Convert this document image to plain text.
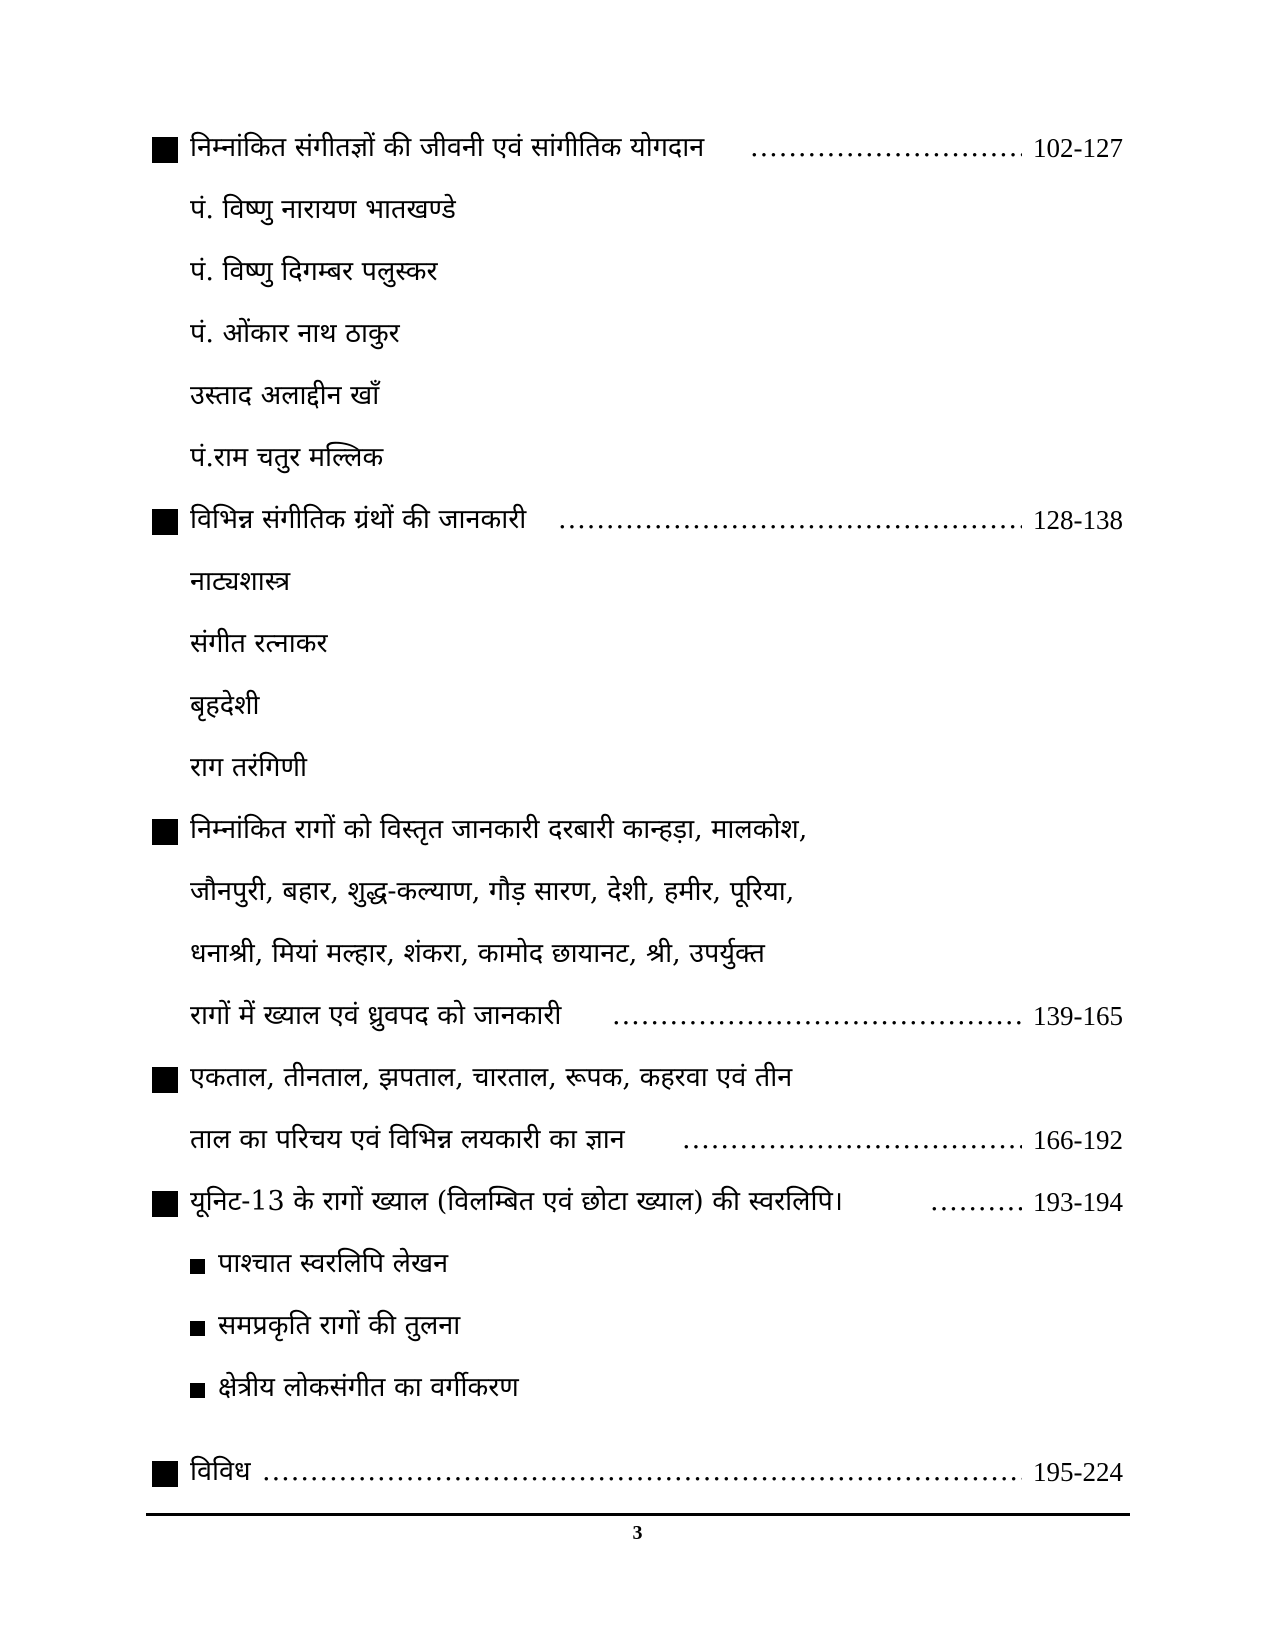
निम्नांकित संगीतज्ञों की जीवनी एवं सांगीतिक योगदान .....	102-127
पं. विष्णु नारायण भातखण्डे
पं. विष्णु दिगम्बर पलुस्कर
पं. ओंकार नाथ ठाकुर
उस्ताद अलाद्दीन खाँ
पं.राम चतुर मल्लिक
विभिन्न संगीतिक ग्रंथों की जानकारी .....	128-138
नाट्यशास्त्र
संगीत रत्नाकर
बृहदेशी
राग तरंगिणी
निम्नांकित रागों को विस्तृत जानकारी दरबारी कान्हड़ा, मालकोश,
जौनपुरी, बहार, शुद्ध-कल्याण, गौड़ सारण, देशी, हमीर, पूरिया,
धनाश्री, मियां मल्हार, शंकरा, कामोद छायानट, श्री, उपर्युक्त
रागों में ख्याल एवं ध्रुवपद को जानकारी .....	139-165
एकताल, तीनताल, झपताल, चारताल, रूपक, कहरवा एवं तीन
ताल का परिचय एवं विभिन्न लयकारी का ज्ञान .....	166-192
यूनिट-13 के रागों ख्याल (विलम्बित एवं छोटा ख्याल) की स्वरलिपि। .....	193-194
पाश्चात स्वरलिपि लेखन
समप्रकृति रागों की तुलना
क्षेत्रीय लोकसंगीत का वर्गीकरण
विविध .....	195-224
3
